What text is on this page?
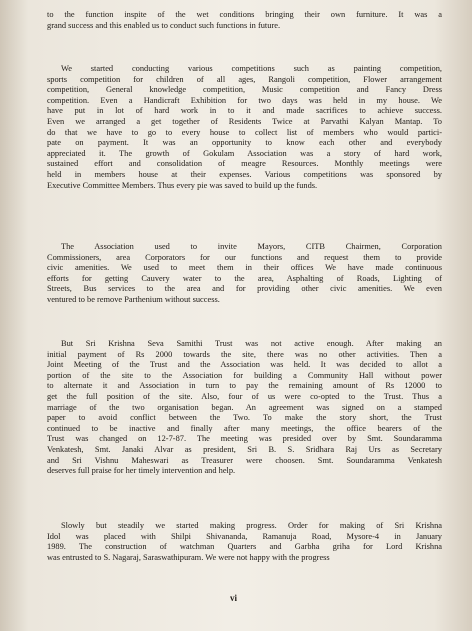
to the function inspite of the wet conditions bringing their own furniture. It was a
grand success and this enabled us to conduct such functions in future.
We started conducting various competitions such as painting competition,
sports competition for children of all ages, Rangoli competition, Flower arrangement
competition, General knowledge competition, Music competition and Fancy Dress
competition. Even a Handicraft Exhibition for two days was held in my house. We
have put in lot of hard work in to it and made sacrifices to achieve success.
Even we arranged a get together of Residents Twice at Parvathi Kalyan Mantap. To
do that we have to go to every house to collect list of members who would partici-
pate on payment. It was an opportunity to know each other and everybody
appreciated it. The growth of Gokulam Association was a story of hard work,
sustained effort and consolidation of meagre Resources. Monthly meetings were
held in members house at their expenses. Various competitions was sponsored by
Executive Committee Members. Thus every pie was saved to build up the funds.
The Association used to invite Mayors, CITB Chairmen, Corporation
Commissioners, area Corporators for our functions and request them to provide
civic amenities. We used to meet them in their offices We have made continuous
efforts for getting Cauvery water to the area, Asphalting of Roads, Lighting of
Streets, Bus services to the area and for providing other civic amenities. We even
ventured to be remove Parthenium without success.
But Sri Krishna Seva Samithi Trust was not active enough. After making an
initial payment of Rs 2000 towards the site, there was no other activities. Then a
Joint Meeting of the Trust and the Association was held. It was decided to allot a
portion of the site to the Association for building a Community Hall without power
to alternate it and Association in turn to pay the remaining amount of Rs 12000 to
get the full position of the site. Also, four of us were co-opted to the Trust. Thus a
marriage of the two organisation began. An agreement was signed on a stamped
paper to avoid conflict between the Two. To make the story short, the Trust
continued to be inactive and finally after many meetings, the office bearers of the
Trust was changed on 12-7-87. The meeting was presided over by Smt. Soundaramma
Venkatesh, Smt. Janaki Alvar as president, Sri B. S. Sridhara Raj Urs as Secretary
and Sri Vishnu Maheswari as Treasurer were choosen. Smt. Soundaramma Venkatesh
deserves full praise for her timely intervention and help.
Slowly but steadily we started making progress. Order for making of Sri Krishna
Idol was placed with Shilpi Shivananda, Ramanuja Road, Mysore-4 in January
1989. The construction of watchman Quarters and Garbha griha for Lord Krishna
was entrusted to S. Nagaraj, Saraswathipuram. We were not happy with the progress
vi
